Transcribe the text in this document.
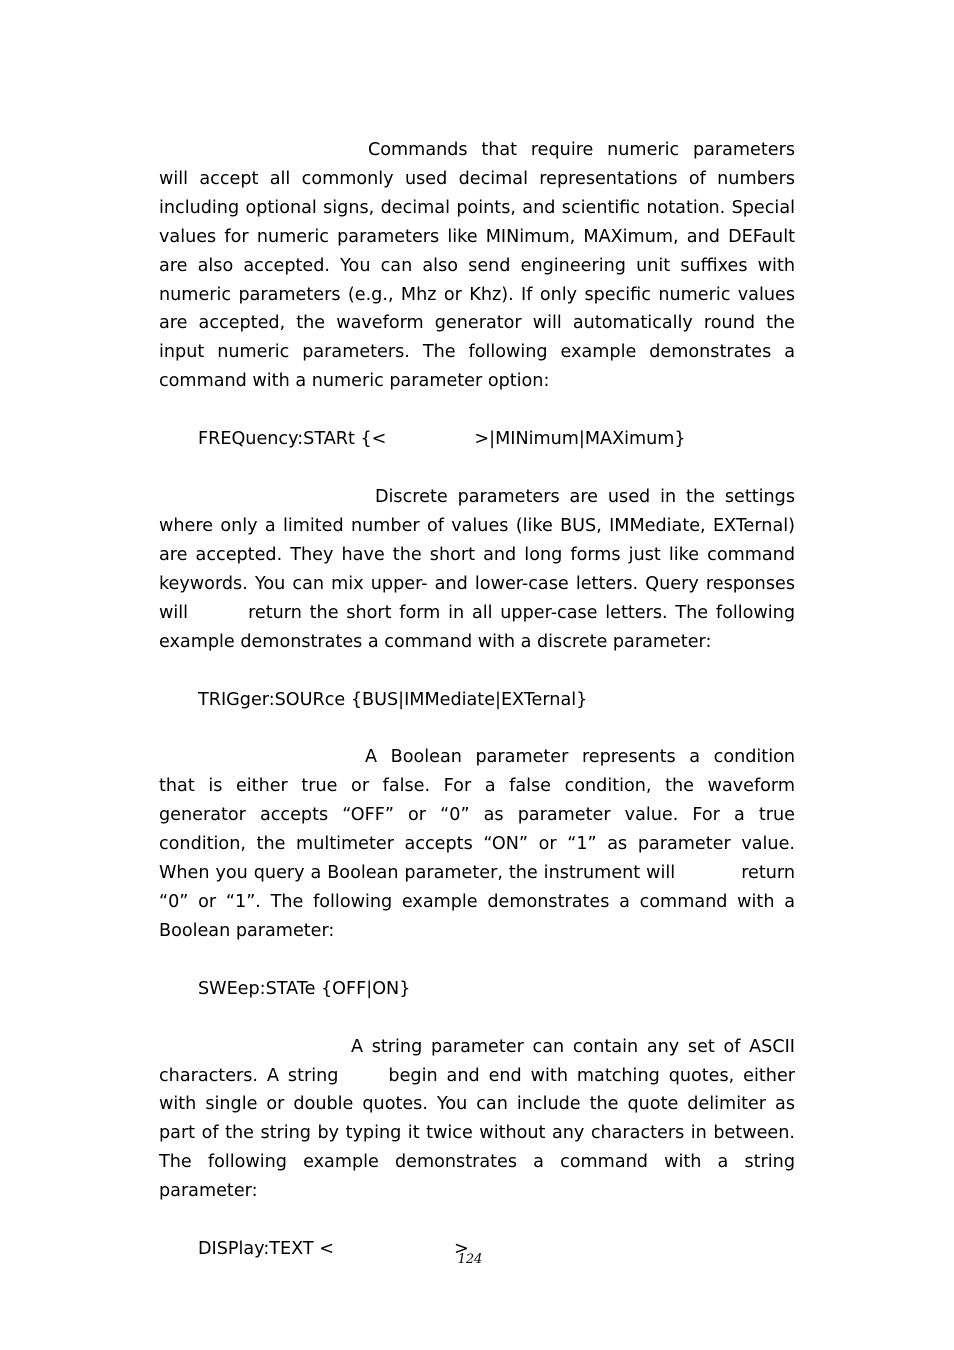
Commands that require numeric parameters will accept all commonly used decimal representations of numbers including optional signs, decimal points, and scientific notation. Special values for numeric parameters like MINimum, MAXimum, and DEFault are also accepted. You can also send engineering unit suffixes with numeric parameters (e.g., Mhz or Khz). If only specific numeric values are accepted, the waveform generator will automatically round the input numeric parameters. The following example demonstrates a command with a numeric parameter option:

FREQuency:STARt {<	>|MINimum|MAXimum}

Discrete parameters are used in the settings where only a limited number of values (like BUS, IMMediate, EXTernal) are accepted. They have the short and long forms just like command keywords. You can mix upper- and lower-case letters. Query responses will	return the short form in all upper-case letters. The following example demonstrates a command with a discrete parameter:

TRIGger:SOURce {BUS|IMMediate|EXTernal}

A Boolean parameter represents a condition that is either true or false. For a false condition, the waveform generator accepts “OFF” or “0” as parameter value. For a true condition, the multimeter accepts “ON” or “1” as parameter value. When you query a Boolean parameter, the instrument will	return “0” or “1”. The following example demonstrates a command with a Boolean parameter:

SWEep:STATe {OFF|ON}

A string parameter can contain any set of ASCII characters. A string	begin and end with matching quotes, either with single or double quotes. You can include the quote delimiter as part of the string by typing it twice without any characters in between. The following example demonstrates a command with a string parameter:

DISPlay:TEXT <	>

124
